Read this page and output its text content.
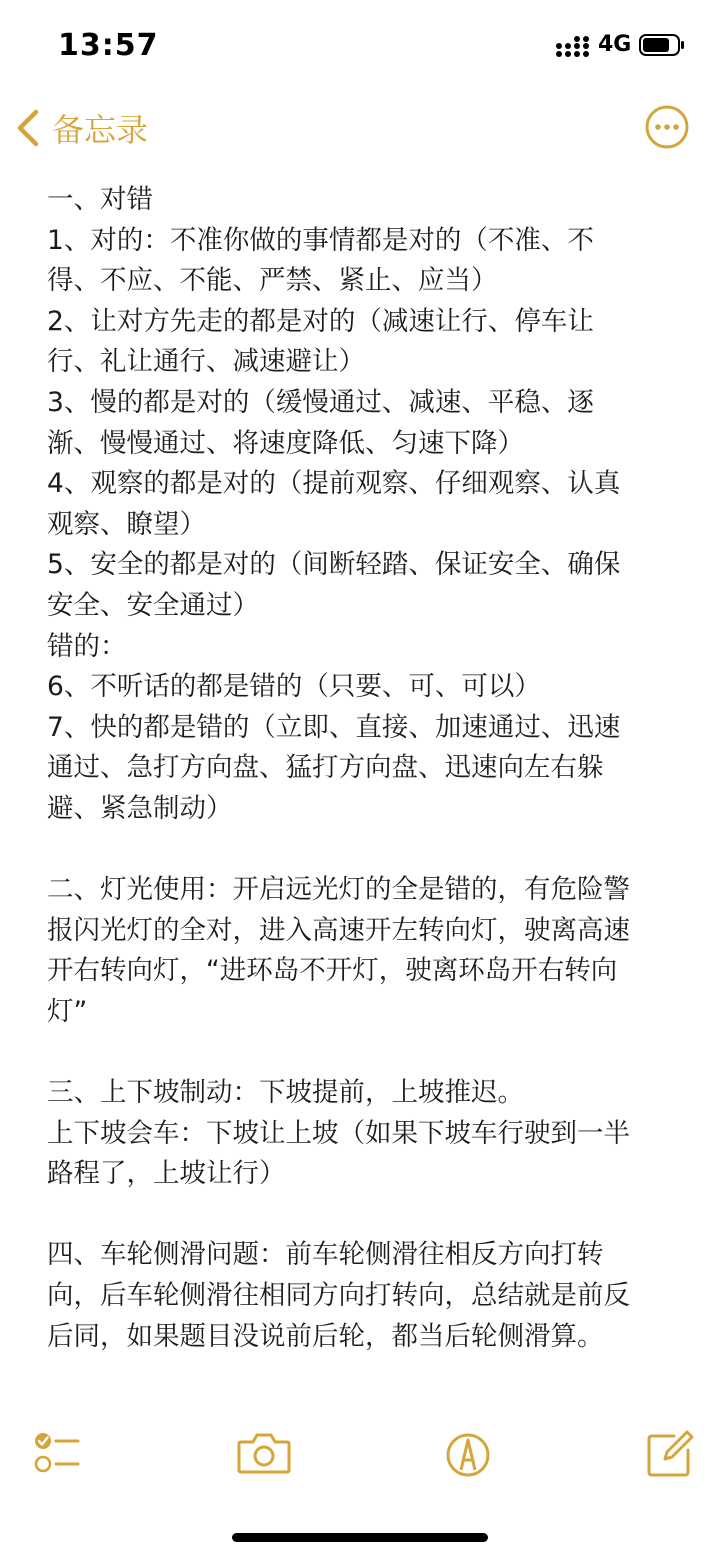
13:57	4G
备忘录
一、对错
1、对的：不准你做的事情都是对的（不准、不
得、不应、不能、严禁、紧止、应当）
2、让对方先走的都是对的（减速让行、停车让
行、礼让通行、减速避让）
3、慢的都是对的（缓慢通过、减速、平稳、逐
渐、慢慢通过、将速度降低、匀速下降）
4、观察的都是对的（提前观察、仔细观察、认真
观察、瞭望）
5、安全的都是对的（间断轻踏、保证安全、确保
安全、安全通过）
错的：
6、不听话的都是错的（只要、可、可以）
7、快的都是错的（立即、直接、加速通过、迅速
通过、急打方向盘、猛打方向盘、迅速向左右躲
避、紧急制动）
二、灯光使用：开启远光灯的全是错的，有危险警
报闪光灯的全对，进入高速开左转向灯，驶离高速
开右转向灯，“进环岛不开灯，驶离环岛开右转向
灯”
三、上下坡制动：下坡提前，上坡推迟。
上下坡会车：下坡让上坡（如果下坡车行驶到一半
路程了，上坡让行）
四、车轮侧滑问题：前车轮侧滑往相反方向打转
向，后车轮侧滑往相同方向打转向，总结就是前反
后同，如果题目没说前后轮，都当后轮侧滑算。
